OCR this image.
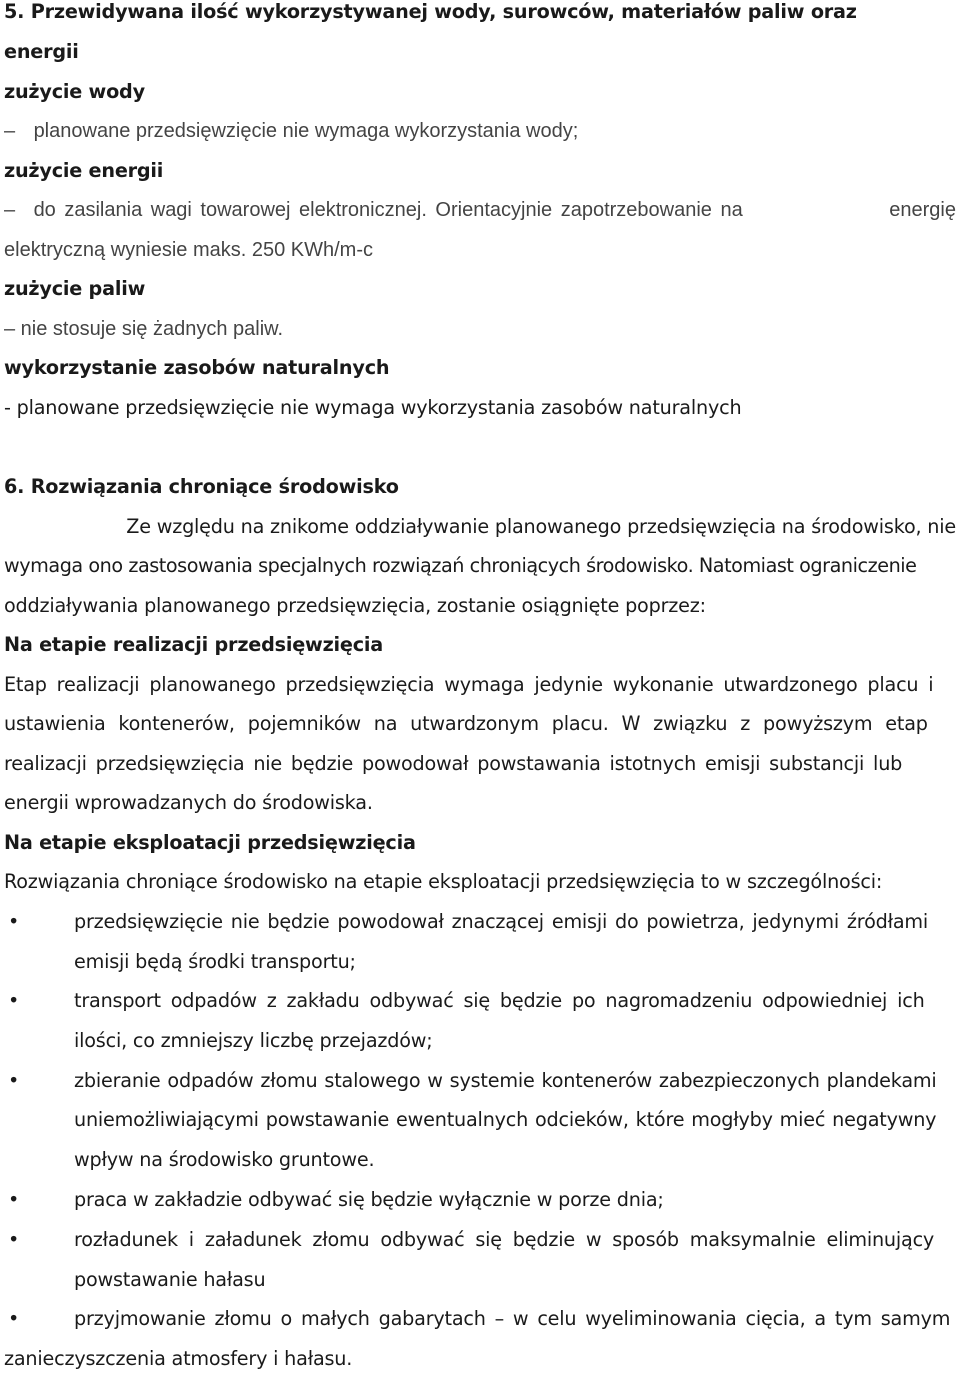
5. Przewidywana ilość wykorzystywanej wody, surowców, materiałów paliw oraz
energii
zużycie wody
– planowane przedsięwzięcie nie wymaga wykorzystania wody;
zużycie energii
– do zasilania wagi towarowej elektronicznej. Orientacyjnie zapotrzebowanie na	energię
elektryczną wyniesie maks. 250 KWh/m-c
zużycie paliw
– nie stosuje się żadnych paliw.
wykorzystanie zasobów naturalnych
- planowane przedsięwzięcie nie wymaga wykorzystania zasobów naturalnych
6. Rozwiązania chroniące środowisko
Ze względu na znikome oddziaływanie planowanego przedsięwzięcia na środowisko, nie
wymaga ono zastosowania specjalnych rozwiązań chroniących środowisko. Natomiast ograniczenie
oddziaływania planowanego przedsięwzięcia, zostanie osiągnięte poprzez:
Na etapie realizacji przedsięwzięcia
Etap realizacji planowanego przedsięwzięcia wymaga jedynie wykonanie utwardzonego placu i
ustawienia kontenerów, pojemników na utwardzonym placu. W związku z powyższym etap
realizacji przedsięwzięcia nie będzie powodował powstawania istotnych emisji substancji lub
energii wprowadzanych do środowiska.
Na etapie eksploatacji przedsięwzięcia
Rozwiązania chroniące środowisko na etapie eksploatacji przedsięwzięcia to w szczególności:
•	przedsięwzięcie nie będzie powodował znaczącej emisji do powietrza, jedynymi źródłami
emisji będą środki transportu;
•	transport odpadów z zakładu odbywać się będzie po nagromadzeniu odpowiedniej ich
ilości, co zmniejszy liczbę przejazdów;
•	zbieranie odpadów złomu stalowego w systemie kontenerów zabezpieczonych plandekami
uniemożliwiającymi powstawanie ewentualnych odcieków, które mogłyby mieć negatywny
wpływ na środowisko gruntowe.
•	praca w zakładzie odbywać się będzie wyłącznie w porze dnia;
•	rozładunek i załadunek złomu odbywać się będzie w sposób maksymalnie eliminujący
powstawanie hałasu
•	przyjmowanie złomu o małych gabarytach – w celu wyeliminowania cięcia, a tym samym
zanieczyszczenia atmosfery i hałasu.
